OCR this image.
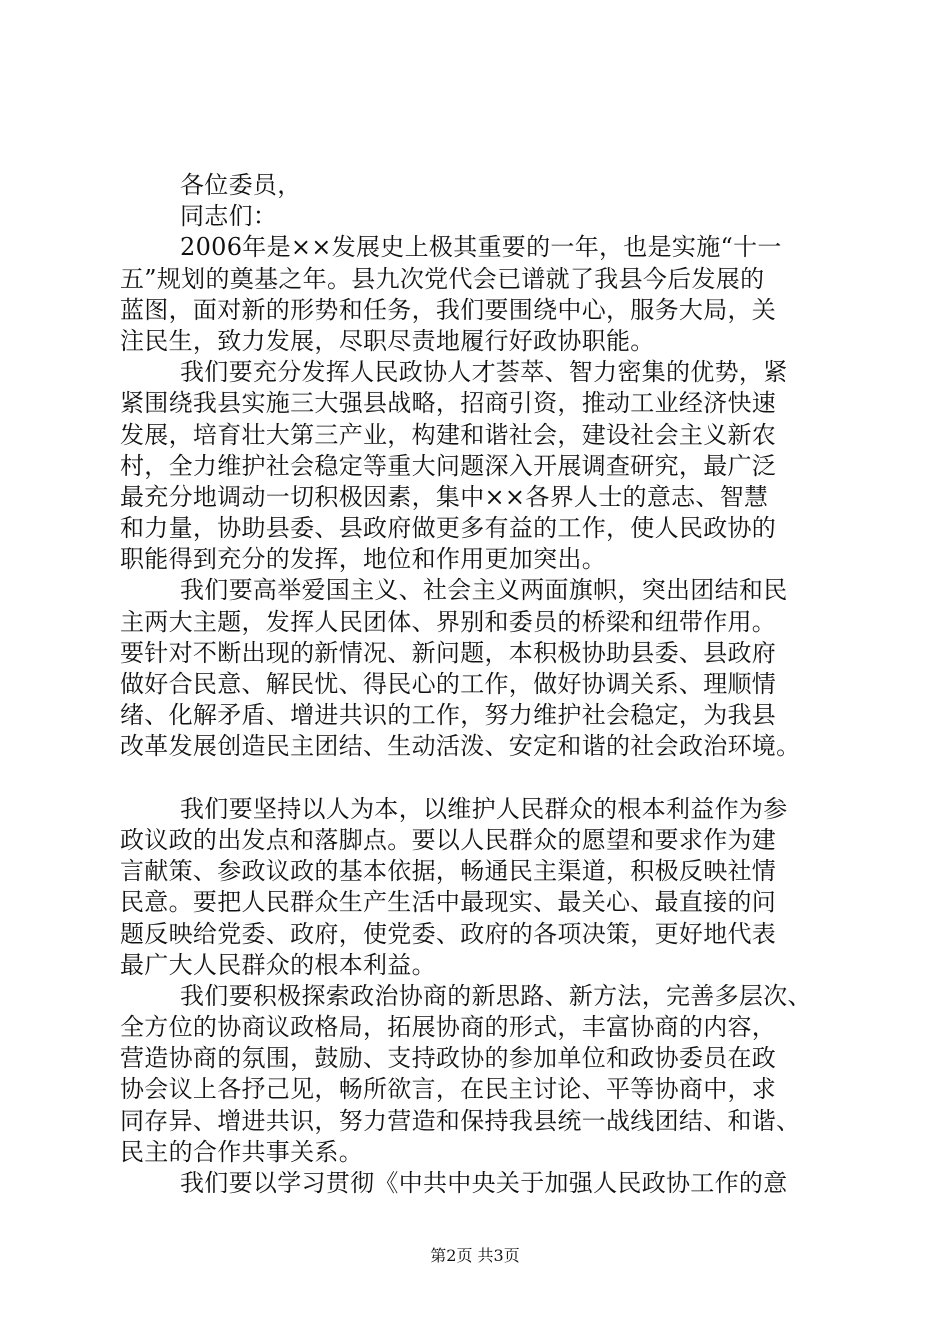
各位委员，
同志们：
2006年是××发展史上极其重要的一年，也是实施“十一
五”规划的奠基之年。县九次党代会已谱就了我县今后发展的
蓝图，面对新的形势和任务，我们要围绕中心，服务大局，关
注民生，致力发展，尽职尽责地履行好政协职能。
我们要充分发挥人民政协人才荟萃、智力密集的优势，紧
紧围绕我县实施三大强县战略，招商引资，推动工业经济快速
发展，培育壮大第三产业，构建和谐社会，建设社会主义新农
村，全力维护社会稳定等重大问题深入开展调查研究，最广泛
最充分地调动一切积极因素，集中××各界人士的意志、智慧
和力量，协助县委、县政府做更多有益的工作，使人民政协的
职能得到充分的发挥，地位和作用更加突出。
我们要高举爱国主义、社会主义两面旗帜，突出团结和民
主两大主题，发挥人民团体、界别和委员的桥梁和纽带作用。
要针对不断出现的新情况、新问题，本积极协助县委、县政府
做好合民意、解民忧、得民心的工作，做好协调关系、理顺情
绪、化解矛盾、增进共识的工作，努力维护社会稳定，为我县
改革发展创造民主团结、生动活泼、安定和谐的社会政治环境。
我们要坚持以人为本，以维护人民群众的根本利益作为参
政议政的出发点和落脚点。要以人民群众的愿望和要求作为建
言献策、参政议政的基本依据，畅通民主渠道，积极反映社情
民意。要把人民群众生产生活中最现实、最关心、最直接的问
题反映给党委、政府，使党委、政府的各项决策，更好地代表
最广大人民群众的根本利益。
我们要积极探索政治协商的新思路、新方法，完善多层次、
全方位的协商议政格局，拓展协商的形式，丰富协商的内容，
营造协商的氛围，鼓励、支持政协的参加单位和政协委员在政
协会议上各抒己见，畅所欲言，在民主讨论、平等协商中，求
同存异、增进共识，努力营造和保持我县统一战线团结、和谐、
民主的合作共事关系。
我们要以学习贯彻《中共中央关于加强人民政协工作的意
第2页 共3页
